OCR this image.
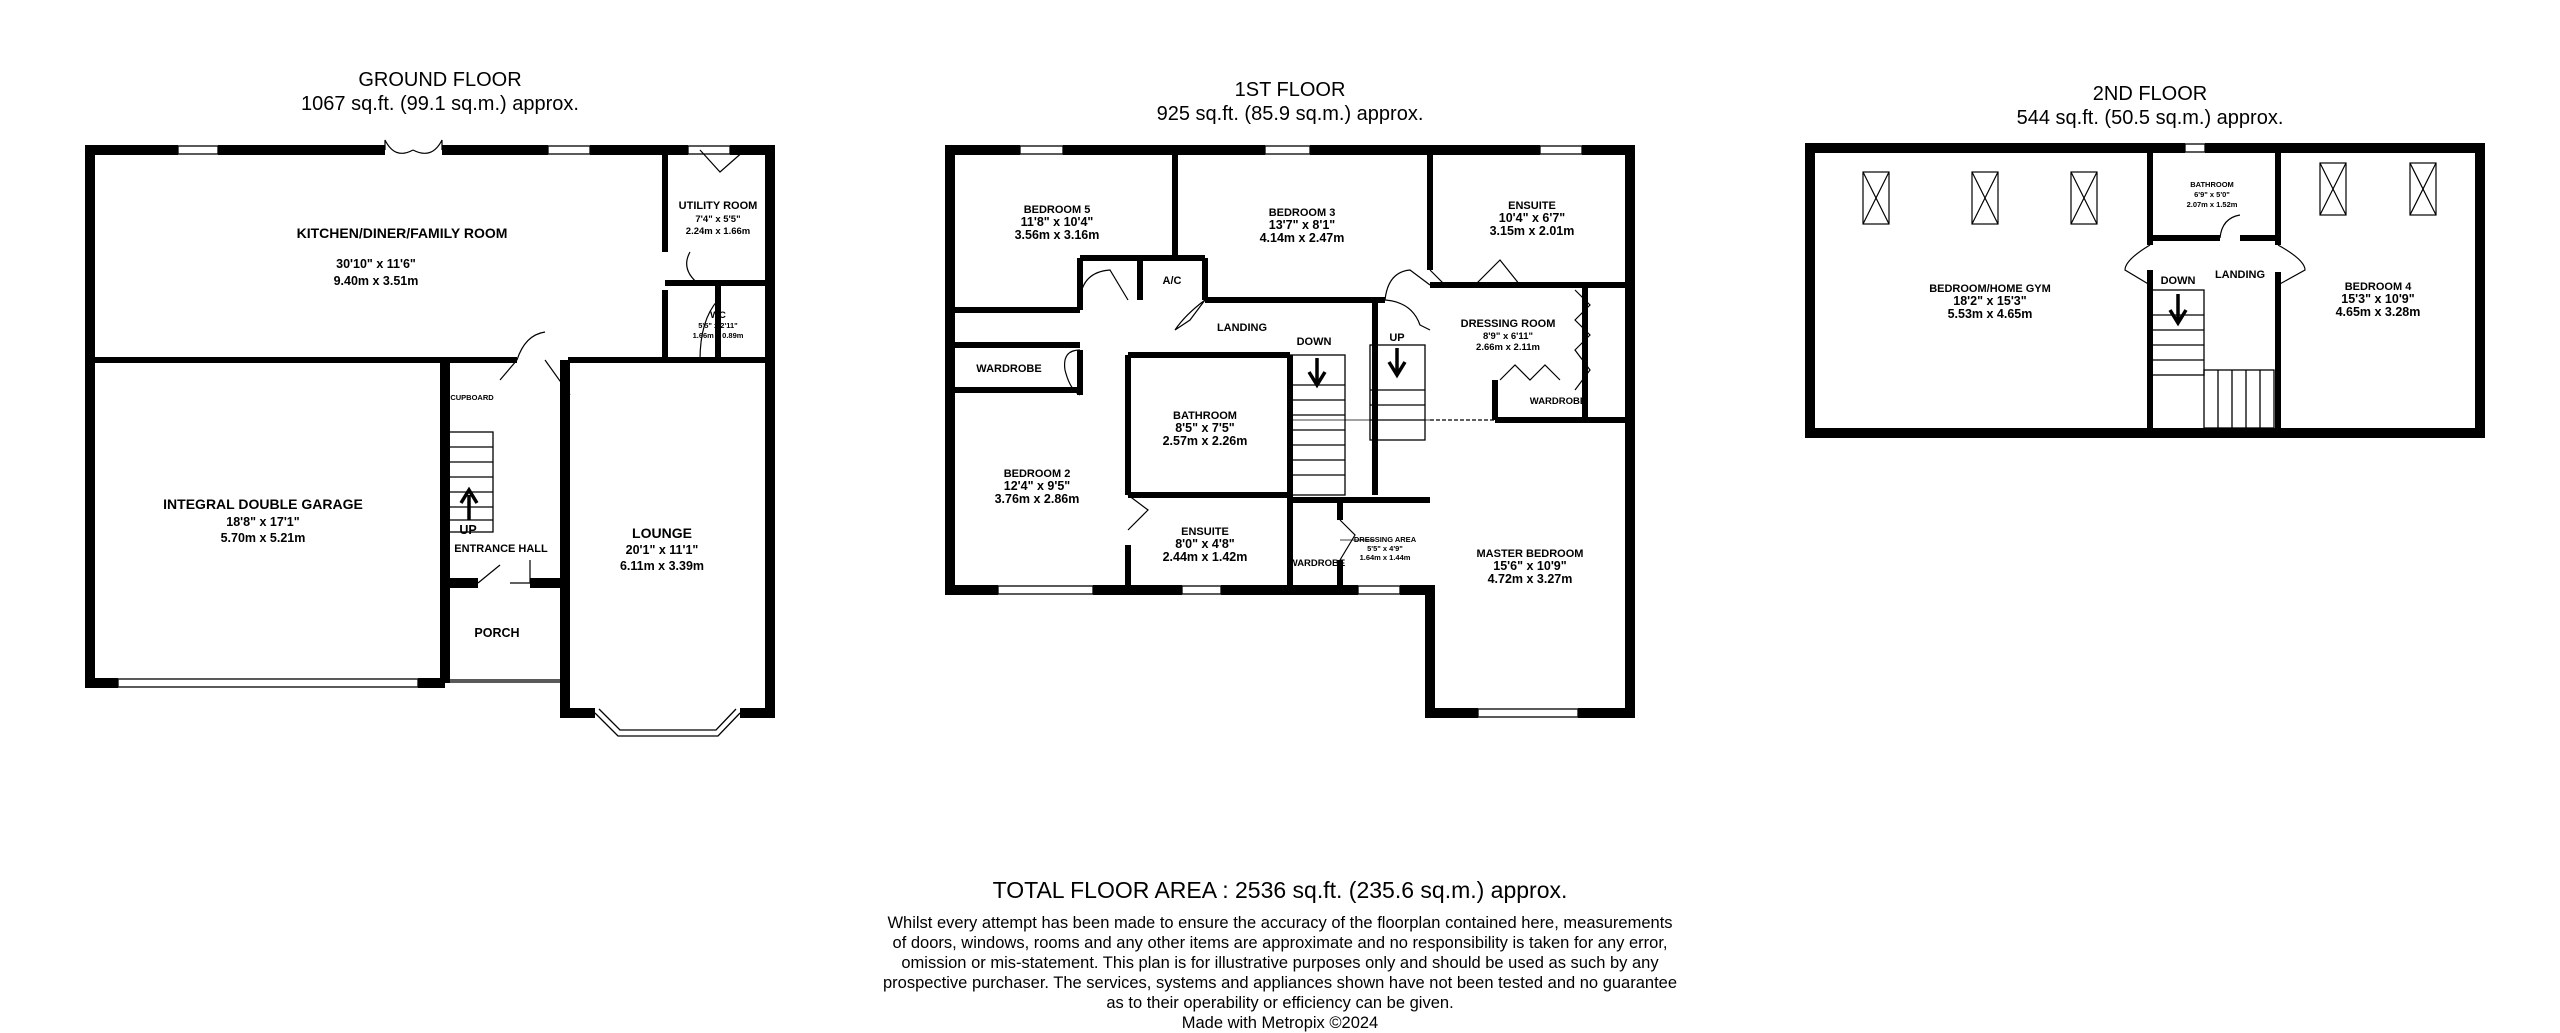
GROUND FLOOR
1067 sq.ft. (99.1 sq.m.) approx.
1ST FLOOR
925 sq.ft. (85.9 sq.m.) approx.
2ND FLOOR
544 sq.ft. (50.5 sq.m.) approx.
KITCHEN/DINER/FAMILY ROOM
30'10" x 11'6"
9.40m x 3.51m
UTILITY ROOM
7'4" x 5'5"
2.24m x 1.66m
WC
5'5" x 2'11"
1.66m x 0.89m
CUPBOARD
INTEGRAL DOUBLE GARAGE
18'8" x 17'1"
5.70m x 5.21m	LOUNGE
20'1" x 11'1"
6.11m x 3.39m
ENTRANCE HALL
PORCH
UP
BEDROOM 5
11'8" x 10'4"
3.56m x 3.16m
BEDROOM 3
13'7" x 8'1"
4.14m x 2.47m
ENSUITE
10'4" x 6'7"
3.15m x 2.01m
A/C
LANDING	DRESSING ROOM
8'9" x 6'11"
2.66m x 2.11m
WARDROBE
WARDROBE
BATHROOM
8'5" x 7'5"
2.57m x 2.26m
BEDROOM 2
12'4" x 9'5"
3.76m x 2.86m
ENSUITE
8'0" x 4'8"
2.44m x 1.42m
DRESSING AREA
5'5" x 4'9"
1.64m x 1.44m
WARDROBE
MASTER BEDROOM
15'6" x 10'9"
4.72m x 3.27m
DOWN	UP
BEDROOM/HOME GYM
18'2" x 15'3"
5.53m x 4.65m
BATHROOM
6'9" x 5'0"
2.07m x 1.52m
LANDING
BEDROOM 4
15'3" x 10'9"
4.65m x 3.28m
DOWN
TOTAL FLOOR AREA : 2536 sq.ft. (235.6 sq.m.) approx.
Whilst every attempt has been made to ensure the accuracy of the floorplan contained here, measurements
of doors, windows, rooms and any other items are approximate and no responsibility is taken for any error,
omission or mis-statement. This plan is for illustrative purposes only and should be used as such by any
prospective purchaser. The services, systems and appliances shown have not been tested and no guarantee
as to their operability or efficiency can be given.
Made with Metropix ©2024
